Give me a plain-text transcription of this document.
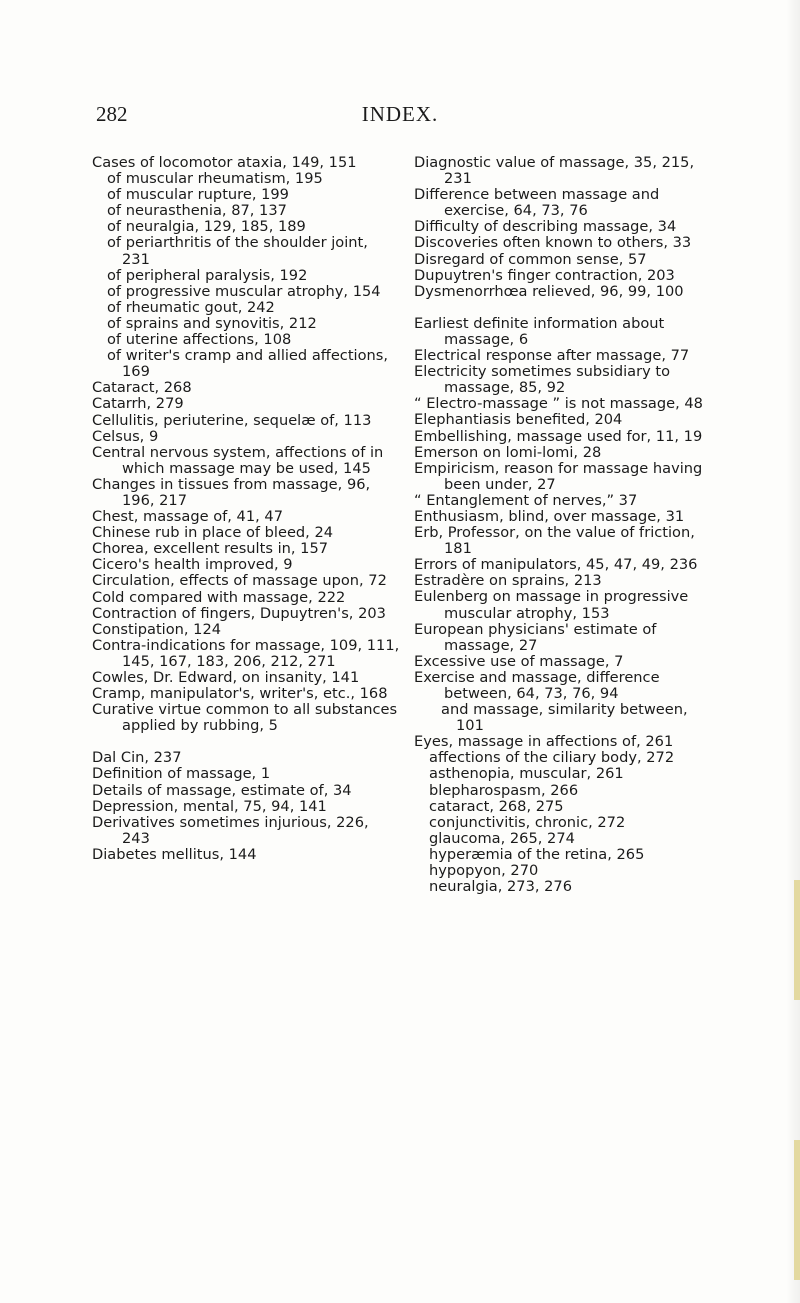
282	INDEX.
Cases of locomotor ataxia, 149, 151
of muscular rheumatism, 195
of muscular rupture, 199
of neurasthenia, 87, 137
of neuralgia, 129, 185, 189
of periarthritis of the shoulder joint, 231
of peripheral paralysis, 192
of progressive muscular atrophy, 154
of rheumatic gout, 242
of sprains and synovitis, 212
of uterine affections, 108
of writer's cramp and allied affections, 169
Cataract, 268
Catarrh, 279
Cellulitis, periuterine, sequelæ of, 113
Celsus, 9
Central nervous system, affections of in which massage may be used, 145
Changes in tissues from massage, 96, 196, 217
Chest, massage of, 41, 47
Chinese rub in place of bleed, 24
Chorea, excellent results in, 157
Cicero's health improved, 9
Circulation, effects of massage upon, 72
Cold compared with massage, 222
Contraction of fingers, Dupuytren's, 203
Constipation, 124
Contra-indications for massage, 109, 111, 145, 167, 183, 206, 212, 271
Cowles, Dr. Edward, on insanity, 141
Cramp, manipulator's, writer's, etc., 168
Curative virtue common to all substances applied by rubbing, 5
Dal Cin, 237
Definition of massage, 1
Details of massage, estimate of, 34
Depression, mental, 75, 94, 141
Derivatives sometimes injurious, 226, 243
Diabetes mellitus, 144
Diagnostic value of massage, 35, 215, 231
Difference between massage and exercise, 64, 73, 76
Difficulty of describing massage, 34
Discoveries often known to others, 33
Disregard of common sense, 57
Dupuytren's finger contraction, 203
Dysmenorrhœa relieved, 96, 99, 100
Earliest definite information about massage, 6
Electrical response after massage, 77
Electricity sometimes subsidiary to massage, 85, 92
“ Electro-massage ” is not massage, 48
Elephantiasis benefited, 204
Embellishing, massage used for, 11, 19
Emerson on lomi-lomi, 28
Empiricism, reason for massage having been under, 27
“ Entanglement of nerves,” 37
Enthusiasm, blind, over massage, 31
Erb, Professor, on the value of friction, 181
Errors of manipulators, 45, 47, 49, 236
Estradère on sprains, 213
Eulenberg on massage in progressive muscular atrophy, 153
European physicians' estimate of massage, 27
Excessive use of massage, 7
Exercise and massage, difference between, 64, 73, 76, 94
and massage, similarity between, 101
Eyes, massage in affections of, 261
affections of the ciliary body, 272
asthenopia, muscular, 261
blepharospasm, 266
cataract, 268, 275
conjunctivitis, chronic, 272
glaucoma, 265, 274
hyperæmia of the retina, 265
hypopyon, 270
neuralgia, 273, 276
